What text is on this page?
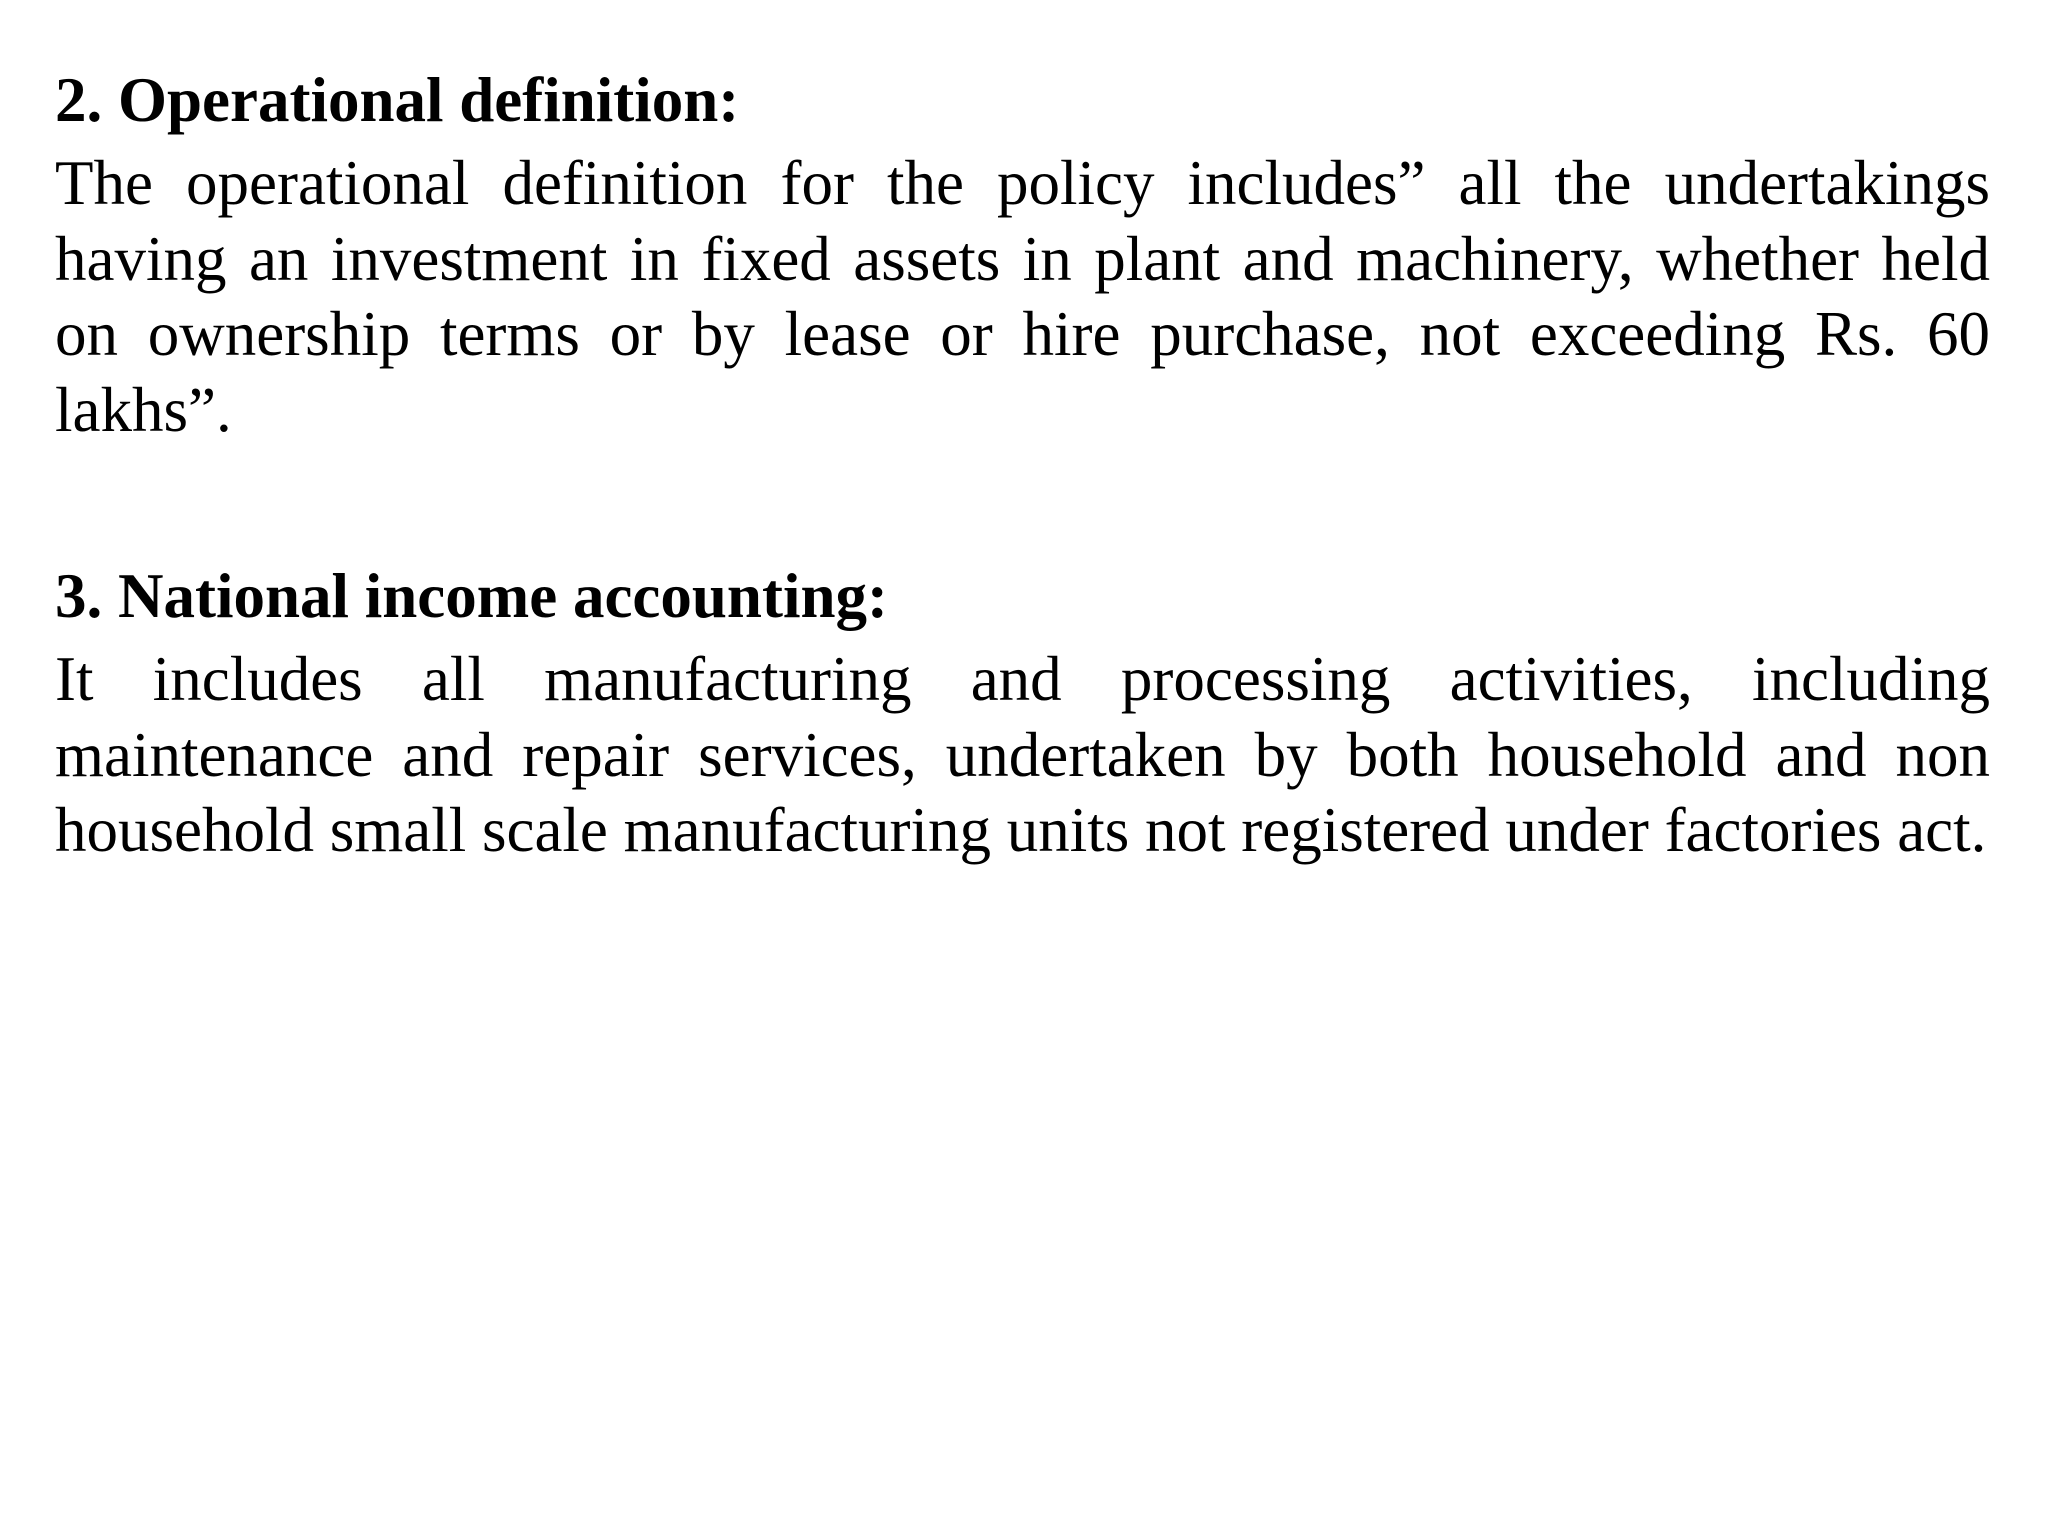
2. Operational definition:

The operational definition for the policy includes” all the undertakings having an investment in fixed assets in plant and machinery, whether held on ownership terms or by lease or hire purchase, not exceeding Rs. 60 lakhs”.

3. National income accounting:

It includes all manufacturing and processing activities, including maintenance and repair services, undertaken by both household and non household small scale manufacturing units not registered under factories act.
